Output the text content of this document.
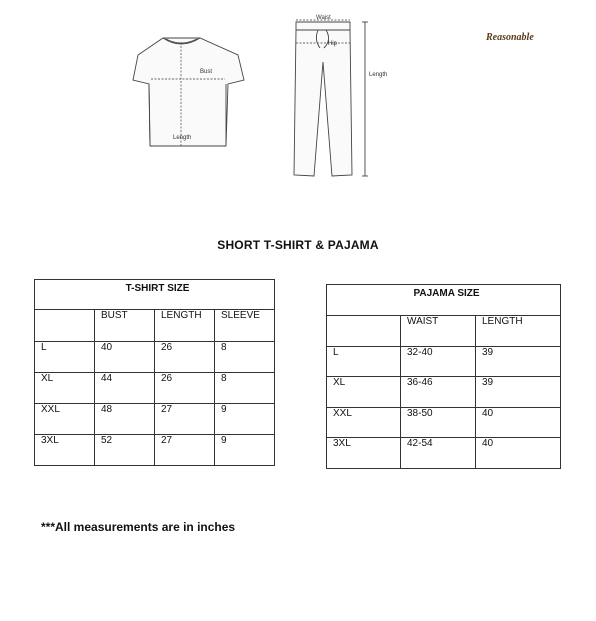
Bust
Length
Waist
Hip
Length
Reasonable
SHORT T-SHIRT & PAJAMA
T-SHIRT SIZE			
	BUST	LENGTH	SLEEVE
L	40	26	8
XL	44	26	8
XXL	48	27	9
3XL	52	27	9
PAJAMA SIZE		
	WAIST	LENGTH
L	32-40	39
XL	36-46	39
XXL	38-50	40
3XL	42-54	40
***All measurements are in inches
